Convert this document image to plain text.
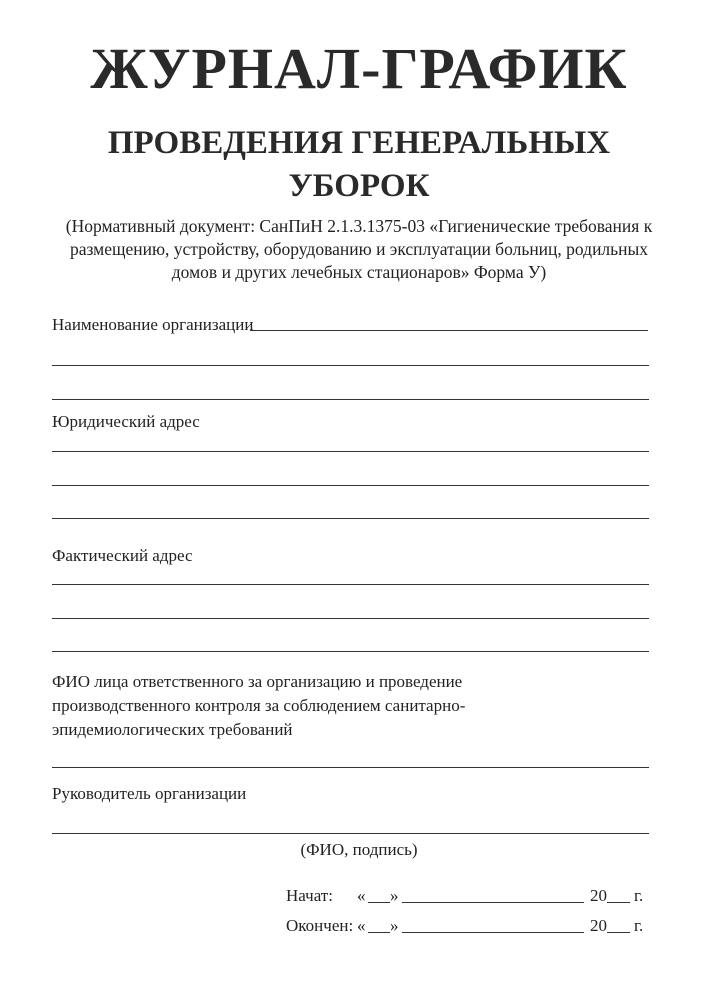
ЖУРНАЛ-ГРАФИК
ПРОВЕДЕНИЯ ГЕНЕРАЛЬНЫХ
УБОРОК
(Нормативный документ: СанПиН 2.1.3.1375-03 «Гигиенические требования к размещению, устройству, оборудованию и эксплуатации больниц, родильных домов и других лечебных стационаров» Форма У)
Наименование организации
Юридический адрес
Фактический адрес
ФИО лица ответственного за организацию и проведение производственного контроля за соблюдением санитарно-эпидемиологических требований
Руководитель организации
(ФИО, подпись)
Начат: « »	20 г.
Окончен: « »	20 г.
